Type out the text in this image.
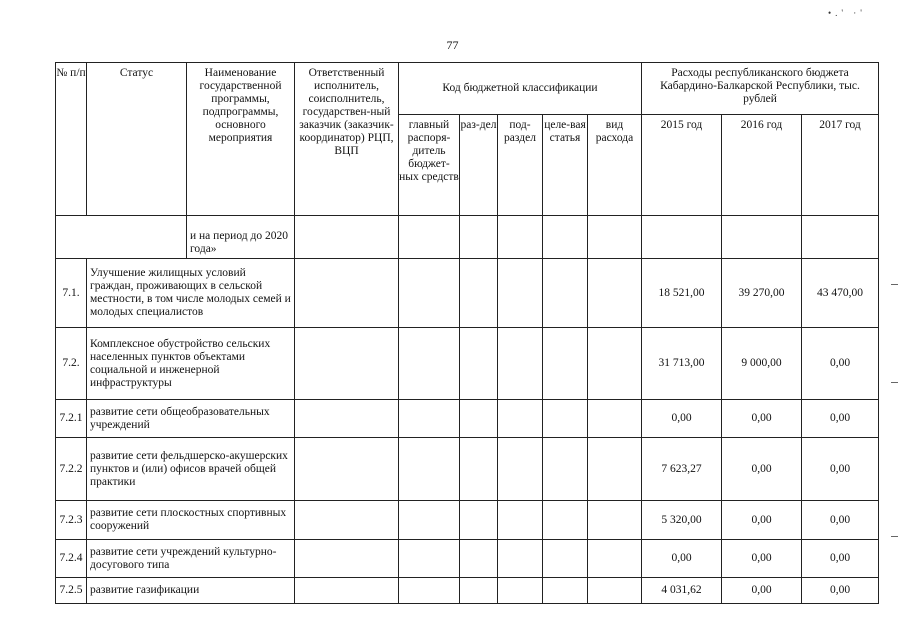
77
•.' ·'
№ п/п	Статус	Наименование государственной программы, подпрограммы, основного мероприятия	Ответственный исполнитель, соисполнитель, государствен-ный заказчик (заказчик-координатор) РЦП, ВЦП	Код бюджетной классификации					Расходы республиканского бюджета Кабардино-Балкарской Республики, тыс. рублей		
				главный распоря-дитель бюджет-ных средств	раз-дел	под-раздел	целе-вая статья	вид расхода	2015 год	2016 год	2017 год
		и на период до 2020 года»									
7.1.	Улучшение жилищных условий граждан, проживающих в сельской местности, в том числе молодых семей и молодых специалистов								18 521,00	39 270,00	43 470,00
7.2.	Комплексное обустройство сельских населенных пунктов объектами социальной и инженерной инфраструктуры								31 713,00	9 000,00	0,00
7.2.1	развитие сети общеобразовательных учреждений								0,00	0,00	0,00
7.2.2	развитие сети фельдшерско-акушерских пунктов и (или) офисов врачей общей практики								7 623,27	0,00	0,00
7.2.3	развитие сети плоскостных спортивных сооружений								5 320,00	0,00	0,00
7.2.4	развитие сети учреждений культурно-досугового типа								0,00	0,00	0,00
7.2.5	развитие газификации								4 031,62	0,00	0,00
